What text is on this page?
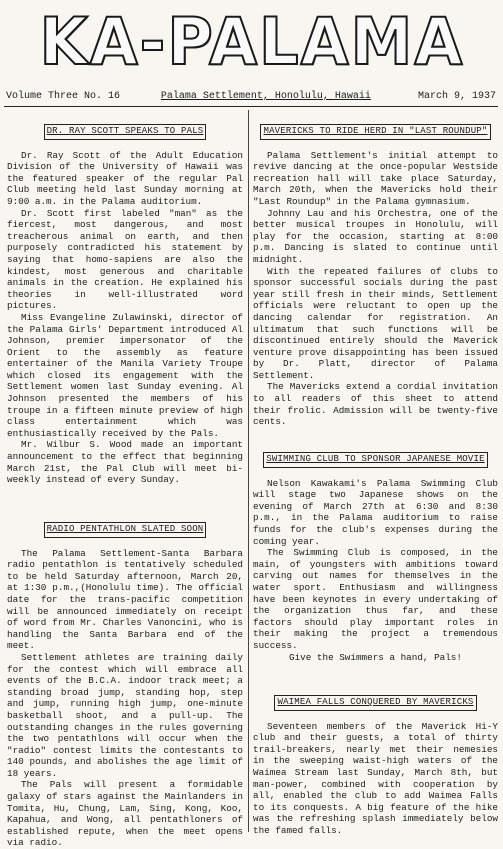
KA-PALAMA
Volume Three No. 16	Palama Settlement, Honolulu, Hawaii	March 9, 1937
DR. RAY SCOTT SPEAKS TO PALS

Dr. Ray Scott of the Adult Education Division of the University of Hawaii was the featured speaker of the regular Pal Club meeting held last Sunday morning at 9:00 a.m. in the Palama auditorium.

Dr. Scott first labeled "man" as the fiercest, most dangerous, and most treacherous animal on earth, and then purposely contradicted his statement by saying that homo-sapiens are also the kindest, most generous and charitable animals in the creation. He explained his theories in well-illustrated word pictures.

Miss Evangeline Zulawinski, director of the Palama Girls' Department introduced Al Johnson, premier impersonator of the Orient to the assembly as feature entertainer of the Manila Variety Troupe which closed its engagement with the Settlement women last Sunday evening. Al Johnson presented the members of his troupe in a fifteen minute preview of high class entertainment which was enthusiastically received by the Pals.

Mr. Wilbur S. Wood made an important announcement to the effect that beginning March 21st, the Pal Club will meet bi-weekly instead of every Sunday.

RADIO PENTATHLON SLATED SOON

The Palama Settlement-Santa Barbara radio pentathlon is tentatively scheduled to be held Saturday afternoon, March 20, at 1:30 p.m.,(Honolulu time). The official date for the trans-pacific competition will be announced immediately on receipt of word from Mr. Charles Vanoncini, who is handling the Santa Barbara end of the meet.

Settlement athletes are training daily for the contest which will embrace all events of the B.C.A. indoor track meet; a standing broad jump, standing hop, step and jump, running high jump, one-minute basketball shoot, and a pull-up. The outstanding changes in the rules governing the two pentathlons will occur when the "radio" contest limits the contestants to 140 pounds, and abolishes the age limit of 18 years.

The Pals will present a formidable galaxy of stars against the Mainlanders in Tomita, Hu, Chung, Lam, Sing, Kong, Koo, Kapahua, and Wong, all pentathloners of established repute, when the meet opens via radio.

MAVERICKS TO RIDE HERD IN "LAST ROUNDUP"

Palama Settlement's initial attempt to revive dancing at the once-popular Westside recreation hall will take place Saturday, March 20th, when the Mavericks hold their "Last Roundup" in the Palama gymnasium.

Johnny Lau and his Orchestra, one of the better musical troupes in Honolulu, will play for the occasion, starting at 8:00 p.m. Dancing is slated to continue until midnight.

With the repeated failures of clubs to sponsor successful socials during the past year still fresh in their minds, Settlement officials were reluctant to open up the dancing calendar for registration. An ultimatum that such functions will be discontinued entirely should the Maverick venture prove disappointing has been issued by Dr. Platt, director of Palama Settlement.

The Mavericks extend a cordial invitation to all readers of this sheet to attend their frolic. Admission will be twenty-five cents.

SWIMMING CLUB TO SPONSOR JAPANESE MOVIE

Nelson Kawakami's Palama Swimming Club will stage two Japanese shows on the evening of March 27th at 6:30 and 8:30 p.m., in the Palama auditorium to raise funds for the club's expenses during the coming year.

The Swimming Club is composed, in the main, of youngsters with ambitions toward carving out names for themselves in the water sport. Enthusiasm and willingness have been keynotes in every undertaking of the organization thus far, and these factors should play important roles in their making the project a tremendous success.

Give the Swimmers a hand, Pals!

WAIMEA FALLS CONQUERED BY MAVERICKS

Seventeen members of the Maverick Hi-Y club and their guests, a total of thirty trail-breakers, nearly met their nemesies in the sweeping waist-high waters of the Waimea Stream last Sunday, March 8th, but man-power, combined with cooperation by all, enabled the club to add Waimea Falls to its conquests. A big feature of the hike was the refreshing splash immediately below the famed falls.
